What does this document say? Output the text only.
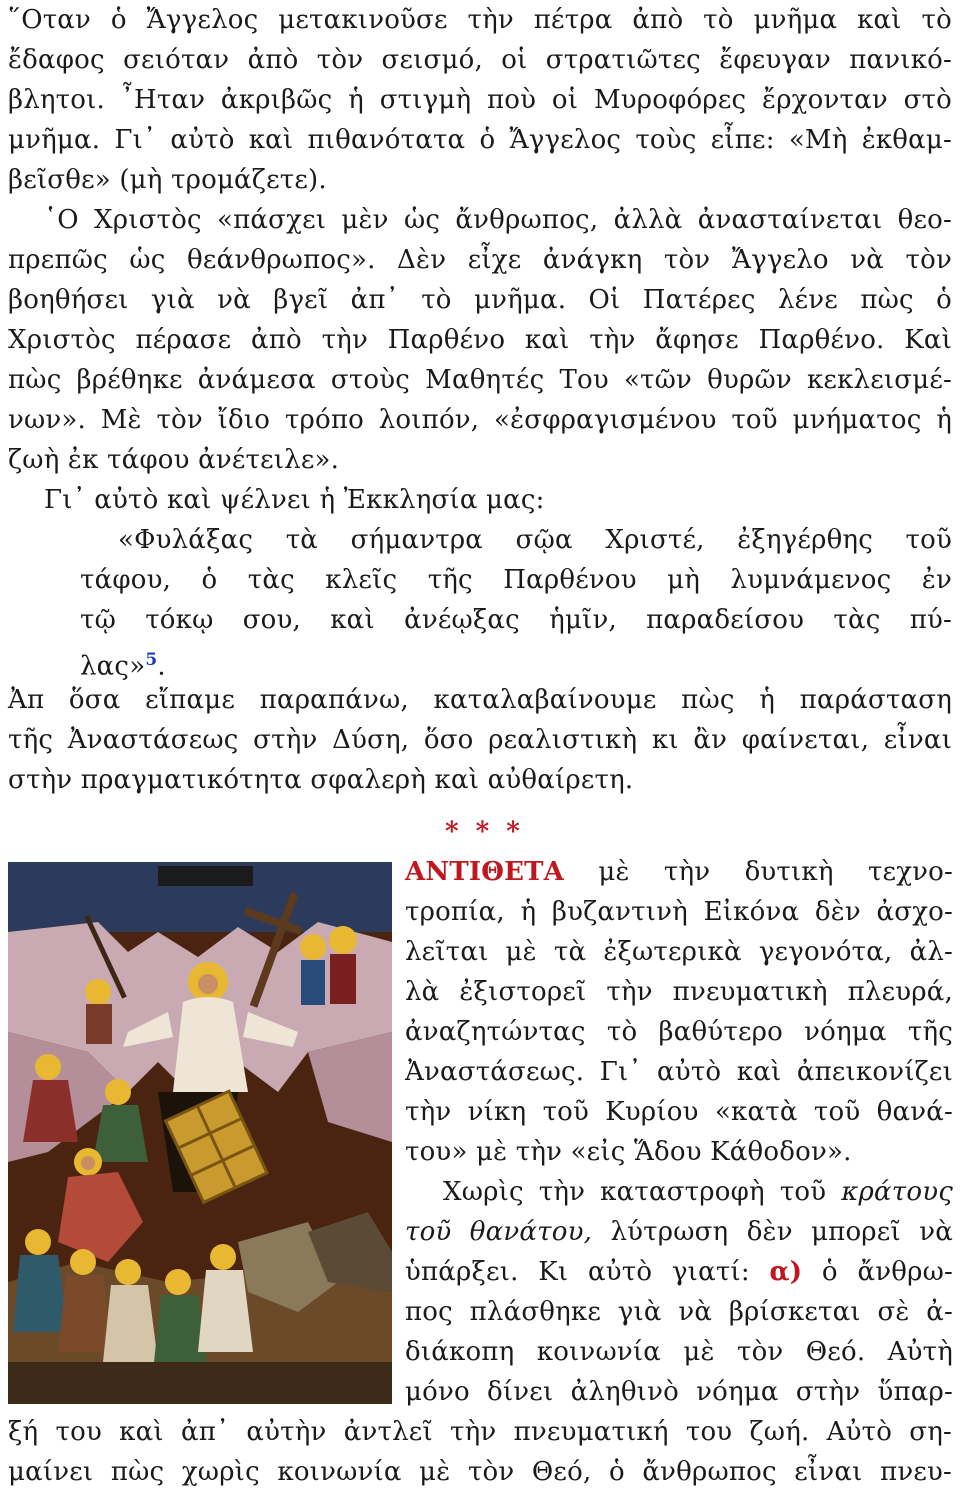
῞Οταν ὁ Ἄγγελος μετακινοῦσε τὴν πέτρα ἀπὸ τὸ μνῆμα καὶ τὸ
ἔδαφος σειόταν ἀπὸ τὸν σεισμό, οἱ στρατιῶτες ἔφευγαν πανικό-
βλητοι. ῏Ηταν ἀκριβῶς ἡ στιγμὴ ποὺ οἱ Μυροφόρες ἔρχονταν στὸ
μνῆμα. Γι᾽ αὐτὸ καὶ πιθανότατα ὁ Ἄγγελος τοὺς εἶπε: «Μὴ ἐκθαμ-
βεῖσθε» (μὴ τρομάζετε).
῾Ο Χριστὸς «πάσχει μὲν ὡς ἄνθρωπος, ἀλλὰ ἀνασταίνεται θεο-
πρεπῶς ὡς θεάνθρωπος». Δὲν εἶχε ἀνάγκη τὸν Ἄγγελο νὰ τὸν
βοηθήσει γιὰ νὰ βγεῖ ἀπ᾽ τὸ μνῆμα. Οἱ Πατέρες λένε πὼς ὁ
Χριστὸς πέρασε ἀπὸ τὴν Παρθένο καὶ τὴν ἄφησε Παρθένο. Καὶ
πὼς βρέθηκε ἀνάμεσα στοὺς Μαθητές Του «τῶν θυρῶν κεκλεισμέ-
νων». Μὲ τὸν ἴδιο τρόπο λοιπόν, «ἐσφραγισμένου τοῦ μνήματος ἡ
ζωὴ ἐκ τάφου ἀνέτειλε».
Γι᾽ αὐτὸ καὶ ψέλνει ἡ Ἐκκλησία μας:
«Φυλάξας τὰ σήμαντρα σῷα Χριστέ, ἐξηγέρθης τοῦ
τάφου, ὁ τὰς κλεῖς τῆς Παρθένου μὴ λυμνάμενος ἐν
τῷ τόκῳ σου, καὶ ἀνέῳξας ἡμῖν, παραδείσου τὰς πύ-
λας»$^5$.
Ἀπ ὅσα εἴπαμε παραπάνω, καταλαβαίνουμε πὼς ἡ παράσταση
τῆς Ἀναστάσεως στὴν Δύση, ὅσο ρεαλιστικὴ κι ἂν φαίνεται, εἶναι
στὴν πραγματικότητα σφαλερὴ καὶ αὐθαίρετη.
* * *
ΑΝΤΙΘΕΤΑ μὲ τὴν δυτικὴ τεχνο-
τροπία, ἡ βυζαντινὴ Εἰκόνα δὲν ἀσχο-
λεῖται μὲ τὰ ἐξωτερικὰ γεγονότα, ἀλ-
λὰ ἐξιστορεῖ τὴν πνευματικὴ πλευρά,
ἀναζητώντας τὸ βαθύτερο νόημα τῆς
Ἀναστάσεως. Γι᾽ αὐτὸ καὶ ἀπεικονίζει
τὴν νίκη τοῦ Κυρίου «κατὰ τοῦ θανά-
του» μὲ τὴν «εἰς Ἅδου Κάθοδον».
Χωρὶς τὴν καταστροφὴ τοῦ κράτους
τοῦ θανάτου, λύτρωση δὲν μπορεῖ νὰ
ὑπάρξει. Κι αὐτὸ γιατί: α) ὁ ἄνθρω-
πος πλάσθηκε γιὰ νὰ βρίσκεται σὲ ἀ-
διάκοπη κοινωνία μὲ τὸν Θεό. Αὐτὴ
μόνο δίνει ἀληθινὸ νόημα στὴν ὕπαρ-
ξή του καὶ ἀπ᾽ αὐτὴν ἀντλεῖ τὴν πνευματική του ζωή. Αὐτὸ ση-
μαίνει πὼς χωρὶς κοινωνία μὲ τὸν Θεό, ὁ ἄνθρωπος εἶναι πνευ-
